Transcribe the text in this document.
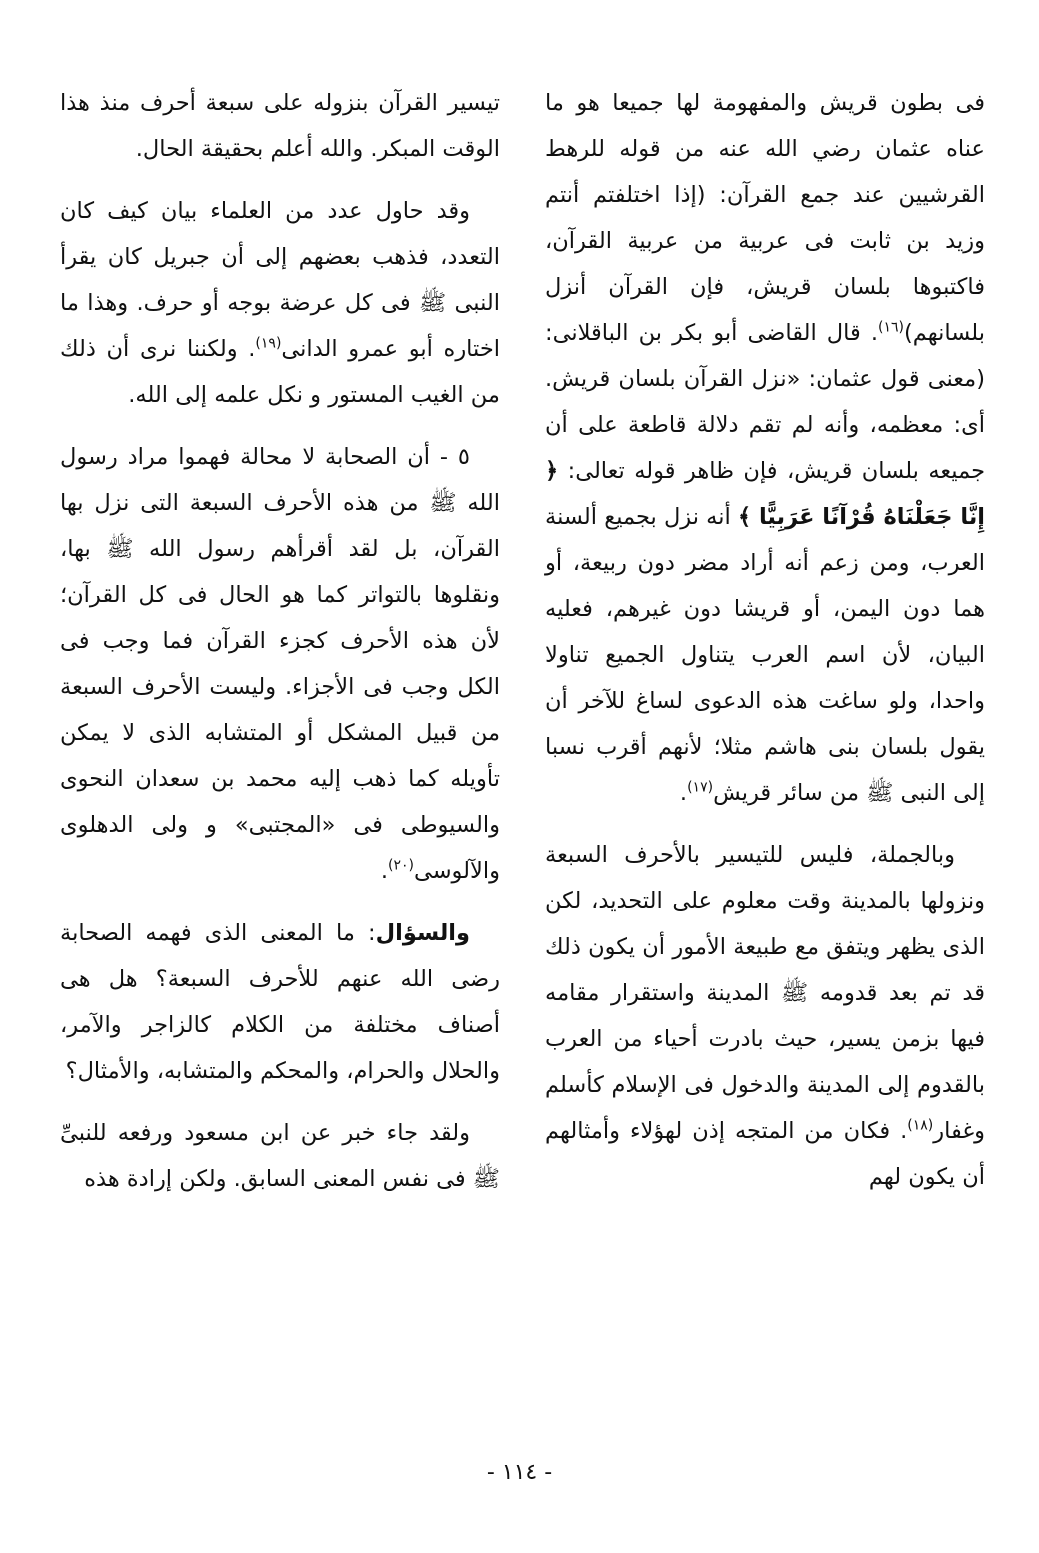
فى بطون قريش والمفهومة لها جميعا هو ما عناه عثمان رضي الله عنه من قوله للرهط القرشيين عند جمع القرآن: (إذا اختلفتم أنتم وزيد بن ثابت فى عربية من عربية القرآن، فاكتبوها بلسان قريش، فإن القرآن أنزل بلسانهم)$^{(١٦)}$. قال القاضى أبو بكر بن الباقلانى: (معنى قول عثمان: «نزل القرآن بلسان قريش. أى: معظمه، وأنه لم تقم دلالة قاطعة على أن جميعه بلسان قريش، فإن ظاهر قوله تعالى: ﴿ إِنَّا جَعَلْنَاهُ قُرْآنًا عَرَبِيًّا ﴾ أنه نزل بجميع ألسنة العرب، ومن زعم أنه أراد مضر دون ربيعة، أو هما دون اليمن، أو قريشا دون غيرهم، فعليه البيان، لأن اسم العرب يتناول الجميع تناولا واحدا، ولو ساغت هذه الدعوى لساغ للآخر أن يقول بلسان بنى هاشم مثلا؛ لأنهم أقرب نسبا إلى النبى ﷺ من سائر قريش$^{(١٧)}$.

وبالجملة، فليس للتيسير بالأحرف السبعة ونزولها بالمدينة وقت معلوم على التحديد، لكن الذى يظهر ويتفق مع طبيعة الأمور أن يكون ذلك قد تم بعد قدومه ﷺ المدينة واستقرار مقامه فيها بزمن يسير، حيث بادرت أحياء من العرب بالقدوم إلى المدينة والدخول فى الإسلام كأسلم وغفار$^{(١٨)}$. فكان من المتجه إذن لهؤلاء وأمثالهم أن يكون لهم

تيسير القرآن بنزوله على سبعة أحرف منذ هذا الوقت المبكر. والله أعلم بحقيقة الحال.

وقد حاول عدد من العلماء بيان كيف كان التعدد، فذهب بعضهم إلى أن جبريل كان يقرأ النبى ﷺ فى كل عرضة بوجه أو حرف. وهذا ما اختاره أبو عمرو الدانى$^{(١٩)}$. ولكننا نرى أن ذلك من الغيب المستور و نكل علمه إلى الله.

٥ - أن الصحابة لا محالة فهموا مراد رسول الله ﷺ من هذه الأحرف السبعة التى نزل بها القرآن، بل لقد أقرأهم رسول الله ﷺ بها، ونقلوها بالتواتر كما هو الحال فى كل القرآن؛ لأن هذه الأحرف كجزء القرآن فما وجب فى الكل وجب فى الأجزاء. وليست الأحرف السبعة من قبيل المشكل أو المتشابه الذى لا يمكن تأويله كما ذهب إليه محمد بن سعدان النحوى والسيوطى فى «المجتبى» و ولى الدهلوى والآلوسى$^{(٢٠)}$.

والسؤال: ما المعنى الذى فهمه الصحابة رضى الله عنهم للأحرف السبعة؟ هل هى أصناف مختلفة من الكلام كالزاجر والآمر، والحلال والحرام، والمحكم والمتشابه، والأمثال؟

ولقد جاء خبر عن ابن مسعود ورفعه للنبىِّ ﷺ فى نفس المعنى السابق. ولكن إرادة هذه

- ١١٤ -
